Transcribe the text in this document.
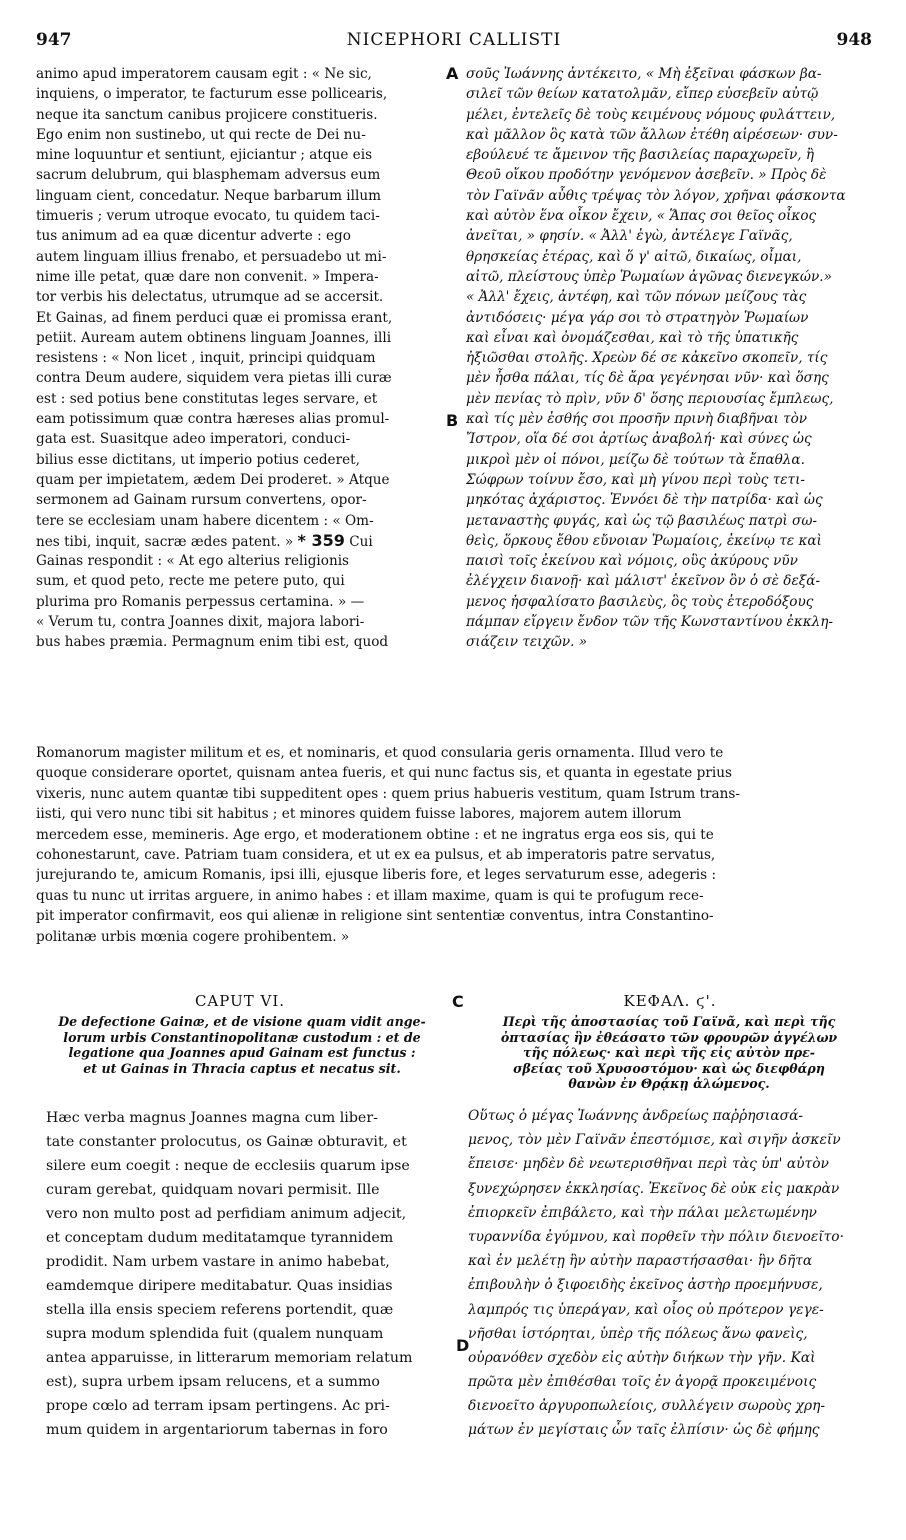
947	NICEPHORI CALLISTI	948
A
B
C
D
animo apud imperatorem causam egit : « Ne sic,
inquiens, o imperator, te facturum esse pollicearis,
neque ita sanctum canibus projicere constitueris.
Ego enim non sustinebo, ut qui recte de Dei nu-
mine loquuntur et sentiunt, ejiciantur ; atque eis
sacrum delubrum, qui blasphemam adversus eum
linguam cient, concedatur. Neque barbarum illum
timueris ; verum utroque evocato, tu quidem taci-
tus animum ad ea quæ dicentur adverte : ego
autem linguam illius frenabo, et persuadebo ut mi-
nime ille petat, quæ dare non convenit. » Impera-
tor verbis his delectatus, utrumque ad se accersit.
Et Gainas, ad finem perduci quæ ei promissa erant,
petiit. Auream autem obtinens linguam Joannes, illi
resistens : « Non licet , inquit, principi quidquam
contra Deum audere, siquidem vera pietas illi curæ
est : sed potius bene constitutas leges servare, et
eam potissimum quæ contra hæreses alias promul-
gata est. Suasitque adeo imperatori, conduci-
bilius esse dictitans, ut imperio potius cederet,
quam per impietatem, ædem Dei proderet. » Atque
sermonem ad Gainam rursum convertens, opor-
tere se ecclesiam unam habere dicentem : « Om-
nes tibi, inquit, sacræ ædes patent. » * 359 Cui
Gainas respondit : « At ego alterius religionis
sum, et quod peto, recte me petere puto, qui
plurima pro Romanis perpessus certamina. » —
« Verum tu, contra Joannes dixit, majora labori-
bus habes præmia. Permagnum enim tibi est, quod
σοῦς Ἰωάννης ἀντέκειτο, « Μὴ ἐξεῖναι φάσκων βα-
σιλεῖ τῶν θείων κατατολμᾶν, εἴπερ εὐσεβεῖν αὐτῷ
μέλει, ἐντελεῖς δὲ τοὺς κειμένους νόμους φυλάττειν,
καὶ μᾶλλον ὃς κατὰ τῶν ἄλλων ἐτέθη αἱρέσεων· συν-
εβούλευέ τε ἄμεινον τῆς βασιλείας παραχωρεῖν, ἢ
Θεοῦ οἴκου προδότην γενόμενον ἀσεβεῖν. » Πρὸς δὲ
τὸν Γαϊνᾶν αὖθις τρέψας τὸν λόγον, χρῆναι φάσκοντα
καὶ αὐτὸν ἕνα οἶκον ἔχειν, « Ἅπας σοι θεῖος οἶκος
ἀνεῖται, » φησίν. « Ἀλλ' ἐγὼ, ἀντέλεγε Γαϊνᾶς,
θρησκείας ἑτέρας, καὶ ὅ γ' αἰτῶ, δικαίως, οἶμαι,
αἰτῶ, πλείστους ὑπὲρ Ῥωμαίων ἀγῶνας διενεγκών.»
« Ἀλλ' ἔχεις, ἀντέφη, καὶ τῶν πόνων μείζους τὰς
ἀντιδόσεις· μέγα γάρ σοι τὸ στρατηγὸν Ῥωμαίων
καὶ εἶναι καὶ ὀνομάζεσθαι, καὶ τὸ τῆς ὑπατικῆς
ἠξιῶσθαι στολῆς. Χρεὼν δέ σε κἀκεῖνο σκοπεῖν, τίς
μὲν ἦσθα πάλαι, τίς δὲ ἄρα γεγένησαι νῦν· καὶ ὅσης
μὲν πενίας τὸ πρὶν, νῦν δ' ὅσης περιουσίας ἔμπλεως,
καὶ τίς μὲν ἐσθής σοι προσῆν πρινὴ διαβῆναι τὸν
Ἴστρον, οἵα δέ σοι ἀρτίως ἀναβολή· καὶ σύνες ὡς
μικροὶ μὲν οἱ πόνοι, μείζω δὲ τούτων τὰ ἔπαθλα.
Σώφρων τοίνυν ἔσο, καὶ μὴ γίνου περὶ τοὺς τετι-
μηκότας ἀχάριστος. Ἐννόει δὲ τὴν πατρίδα· καὶ ὡς
μεταναστὴς φυγάς, καὶ ὡς τῷ βασιλέως πατρὶ σω-
θεὶς, ὅρκους ἔθου εὔνοιαν Ῥωμαίοις, ἐκείνῳ τε καὶ
παισὶ τοῖς ἐκείνου καὶ νόμοις, οὓς ἀκύρους νῦν
ἐλέγχειν διανοῇ· καὶ μάλιστ' ἐκεῖνον ὃν ὁ σὲ δεξά-
μενος ἠσφαλίσατο βασιλεὺς, ὃς τοὺς ἑτεροδόξους
πάμπαν εἴργειν ἔνδον τῶν τῆς Κωνσταντίνου ἐκκλη-
σιάζειν τειχῶν. »
Romanorum magister militum et es, et nominaris, et quod consularia geris ornamenta. Illud vero te
quoque considerare oportet, quisnam antea fueris, et qui nunc factus sis, et quanta in egestate prius
vixeris, nunc autem quantæ tibi suppeditent opes : quem prius habueris vestitum, quam Istrum trans-
iisti, qui vero nunc tibi sit habitus ; et minores quidem fuisse labores, majorem autem illorum
mercedem esse, memineris. Age ergo, et moderationem obtine : et ne ingratus erga eos sis, qui te
cohonestarunt, cave. Patriam tuam considera, et ut ex ea pulsus, et ab imperatoris patre servatus,
jurejurando te, amicum Romanis, ipsi illi, ejusque liberis fore, et leges servaturum esse, adegeris :
quas tu nunc ut irritas arguere, in animo habes : et illam maxime, quam is qui te profugum rece-
pit imperator confirmavit, eos qui alienæ in religione sint sententiæ conventus, intra Constantino-
politanæ urbis mœnia cogere prohibentem. »
CAPUT VI.
De defectione Gainæ, et de visione quam vidit ange-
lorum urbis Constantinopolitanæ custodum : et de
legatione qua Joannes apud Gainam est functus :
et ut Gainas in Thracia captus et necatus sit.
ΚΕΦΑΛ. ϛ'.
Περὶ τῆς ἀποστασίας τοῦ Γαϊνᾶ, καὶ περὶ τῆς
ὀπτασίας ἣν ἐθεάσατο τῶν φρουρῶν ἀγγέλων
τῆς πόλεως· καὶ περὶ τῆς εἰς αὐτὸν πρε-
σβείας τοῦ Χρυσοστόμου· καὶ ὡς διεφθάρη
θανὼν ἐν Θρᾴκῃ ἁλώμενος.
Hæc verba magnus Joannes magna cum liber-
tate constanter prolocutus, os Gainæ obturavit, et
silere eum coegit : neque de ecclesiis quarum ipse
curam gerebat, quidquam novari permisit. Ille
vero non multo post ad perfidiam animum adjecit,
et conceptam dudum meditatamque tyrannidem
prodidit. Nam urbem vastare in animo habebat,
eamdemque diripere meditabatur. Quas insidias
stella illa ensis speciem referens portendit, quæ
supra modum splendida fuit (qualem nunquam
antea apparuisse, in litterarum memoriam relatum
est), supra urbem ipsam relucens, et a summo
prope cœlo ad terram ipsam pertingens. Ac pri-
mum quidem in argentariorum tabernas in foro
Οὕτως ὁ μέγας Ἰωάννης ἀνδρείως παῤῥησιασά-
μενος, τὸν μὲν Γαϊνᾶν ἐπεστόμισε, καὶ σιγῆν ἀσκεῖν
ἔπεισε· μηδὲν δὲ νεωτερισθῆναι περὶ τὰς ὑπ' αὐτὸν
ξυνεχώρησεν ἐκκλησίας. Ἐκεῖνος δὲ οὐκ εἰς μακρὰν
ἐπιορκεῖν ἐπιβάλετο, καὶ τὴν πάλαι μελετωμένην
τυραννίδα ἐγύμνου, καὶ πορθεῖν τὴν πόλιν διενοεῖτο·
καὶ ἐν μελέτῃ ἣν αὐτὴν παραστήσασθαι· ἣν δῆτα
ἐπιβουλὴν ὁ ξιφοειδὴς ἐκεῖνος ἀστὴρ προεμήνυσε,
λαμπρός τις ὑπεράγαν, καὶ οἷος οὐ πρότερον γεγε-
νῆσθαι ἱστόρηται, ὑπὲρ τῆς πόλεως ἄνω φανεὶς,
οὐρανόθεν σχεδὸν εἰς αὐτὴν διήκων τὴν γῆν. Καὶ
πρῶτα μὲν ἐπιθέσθαι τοῖς ἐν ἀγορᾷ προκειμένοις
διενοεῖτο ἀργυροπωλείοις, συλλέγειν σωροὺς χρη-
μάτων ἐν μεγίσταις ὧν ταῖς ἐλπίσιν· ὡς δὲ φήμης
